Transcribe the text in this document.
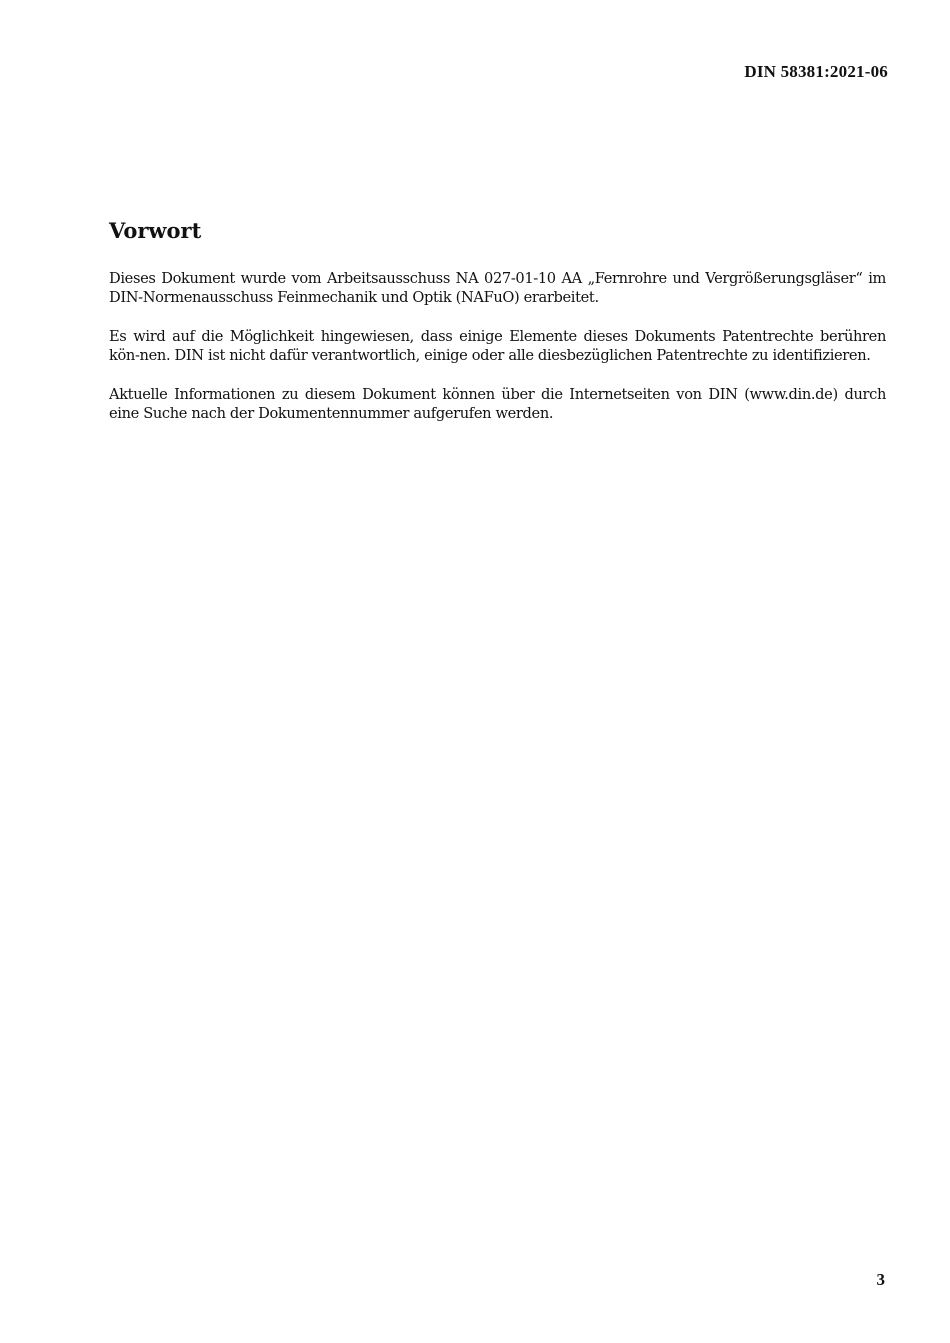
DIN 58381:2021-06
Vorwort

Dieses Dokument wurde vom Arbeitsausschuss NA 027-01-10 AA „Fernrohre und Vergrößerungsgläser“ im DIN-Normenausschuss Feinmechanik und Optik (NAFuO) erarbeitet.

Es wird auf die Möglichkeit hingewiesen, dass einige Elemente dieses Dokuments Patentrechte berühren kön-nen. DIN ist nicht dafür verantwortlich, einige oder alle diesbezüglichen Patentrechte zu identifizieren.

Aktuelle Informationen zu diesem Dokument können über die Internetseiten von DIN (www.din.de) durch eine Suche nach der Dokumentennummer aufgerufen werden.

3
